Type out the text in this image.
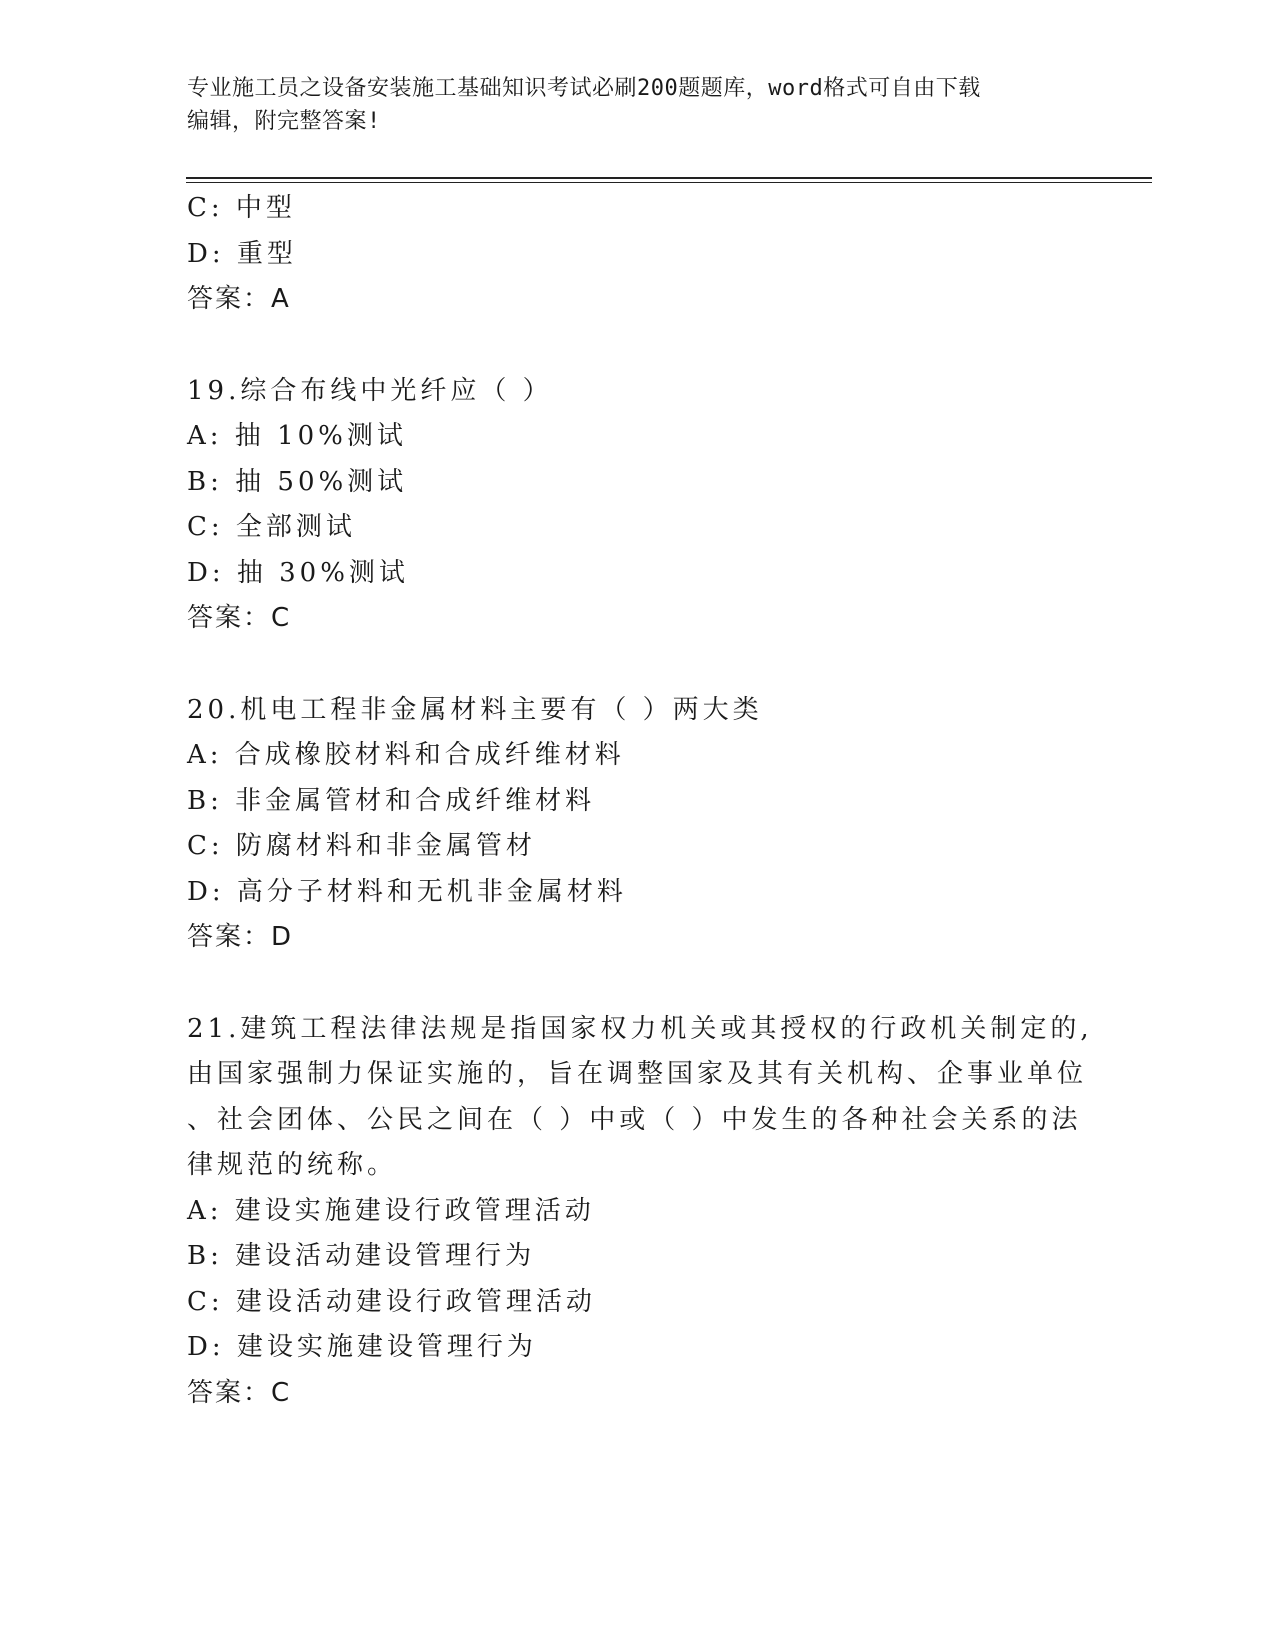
专业施工员之设备安装施工基础知识考试必刷200题题库，word格式可自由下载
编辑，附完整答案!
C: 中型
D: 重型
答案：A
19.综合布线中光纤应（ ）
A: 抽 10%测试
B: 抽 50%测试
C: 全部测试
D: 抽 30%测试
答案：C
20.机电工程非金属材料主要有（ ）两大类
A: 合成橡胶材料和合成纤维材料
B: 非金属管材和合成纤维材料
C: 防腐材料和非金属管材
D: 高分子材料和无机非金属材料
答案：D
21.建筑工程法律法规是指国家权力机关或其授权的行政机关制定的,
由国家强制力保证实施的，旨在调整国家及其有关机构、企事业单位
、社会团体、公民之间在（ ）中或（ ）中发生的各种社会关系的法
律规范的统称。
A: 建设实施建设行政管理活动
B: 建设活动建设管理行为
C: 建设活动建设行政管理活动
D: 建设实施建设管理行为
答案：C
